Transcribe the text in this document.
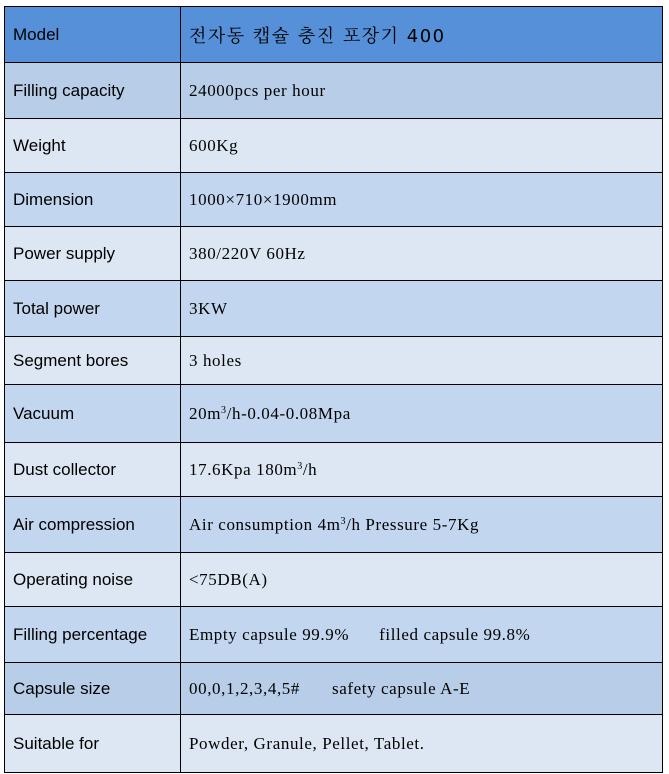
Model	전자동 캡슐 충진 포장기 400
Filling capacity	24000pcs per hour
Weight	600Kg
Dimension	1000×710×1900mm
Power supply	380/220V 60Hz
Total power	3KW
Segment bores	3 holes
Vacuum	$20m^3/h-0.04-0.08Mpa$
Dust collector	17.6Kpa $180m^3/h$
Air compression	Air consumption $4m^3/h$ Pressure 5-7Kg
Operating noise	<75DB(A)
Filling percentage	Empty capsule 99.9% filled capsule 99.8%
Capsule size	00,0,1,2,3,4,5# safety capsule A-E
Suitable for	Powder, Granule, Pellet, Tablet.
